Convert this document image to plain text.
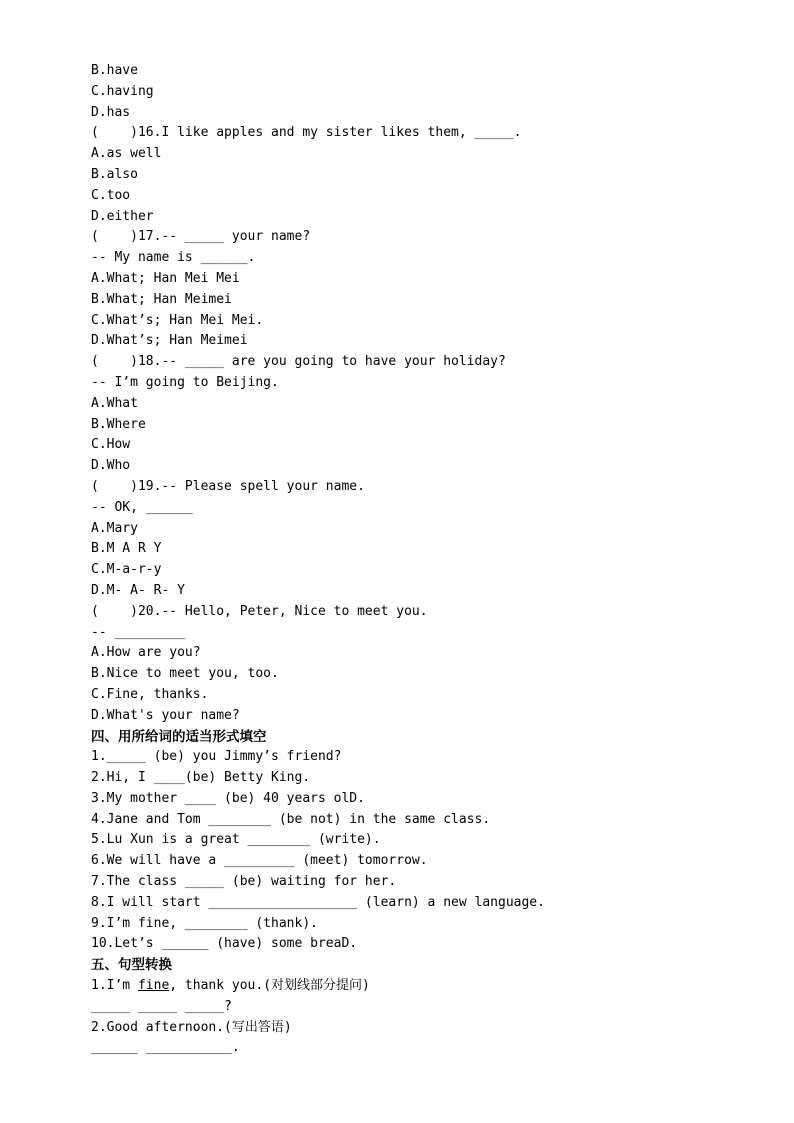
B.have
C.having
D.has
(    )16.I like apples and my sister likes them, _____.
A.as well
B.also
C.too
D.either
(    )17.-- _____ your name?
-- My name is ______.
A.What; Han Mei Mei
B.What; Han Meimei
C.What’s; Han Mei Mei.
D.What’s; Han Meimei
(    )18.-- _____ are you going to have your holiday?
-- I’m going to Beijing.
A.What
B.Where
C.How
D.Who
(    )19.-- Please spell your name.
-- OK, ______
A.Mary
B.M A R Y
C.M-a-r-y
D.M- A- R- Y
(    )20.-- Hello, Peter, Nice to meet you.
-- _________
A.How are you?
B.Nice to meet you, too.
C.Fine, thanks.
D.What's your name?
四、用所给词的适当形式填空
1._____ (be) you Jimmy’s friend?
2.Hi, I ____(be) Betty King.
3.My mother ____ (be) 40 years olD.
4.Jane and Tom ________ (be not) in the same class.
5.Lu Xun is a great ________ (write).
6.We will have a _________ (meet) tomorrow.
7.The class _____ (be) waiting for her.
8.I will start ___________________ (learn) a new language.
9.I’m fine, ________ (thank).
10.Let’s ______ (have) some breaD.
五、句型转换
1.I’m fine, thank you.(对划线部分提问)
_____ _____ _____?
2.Good afternoon.(写出答语)
______ ___________.
